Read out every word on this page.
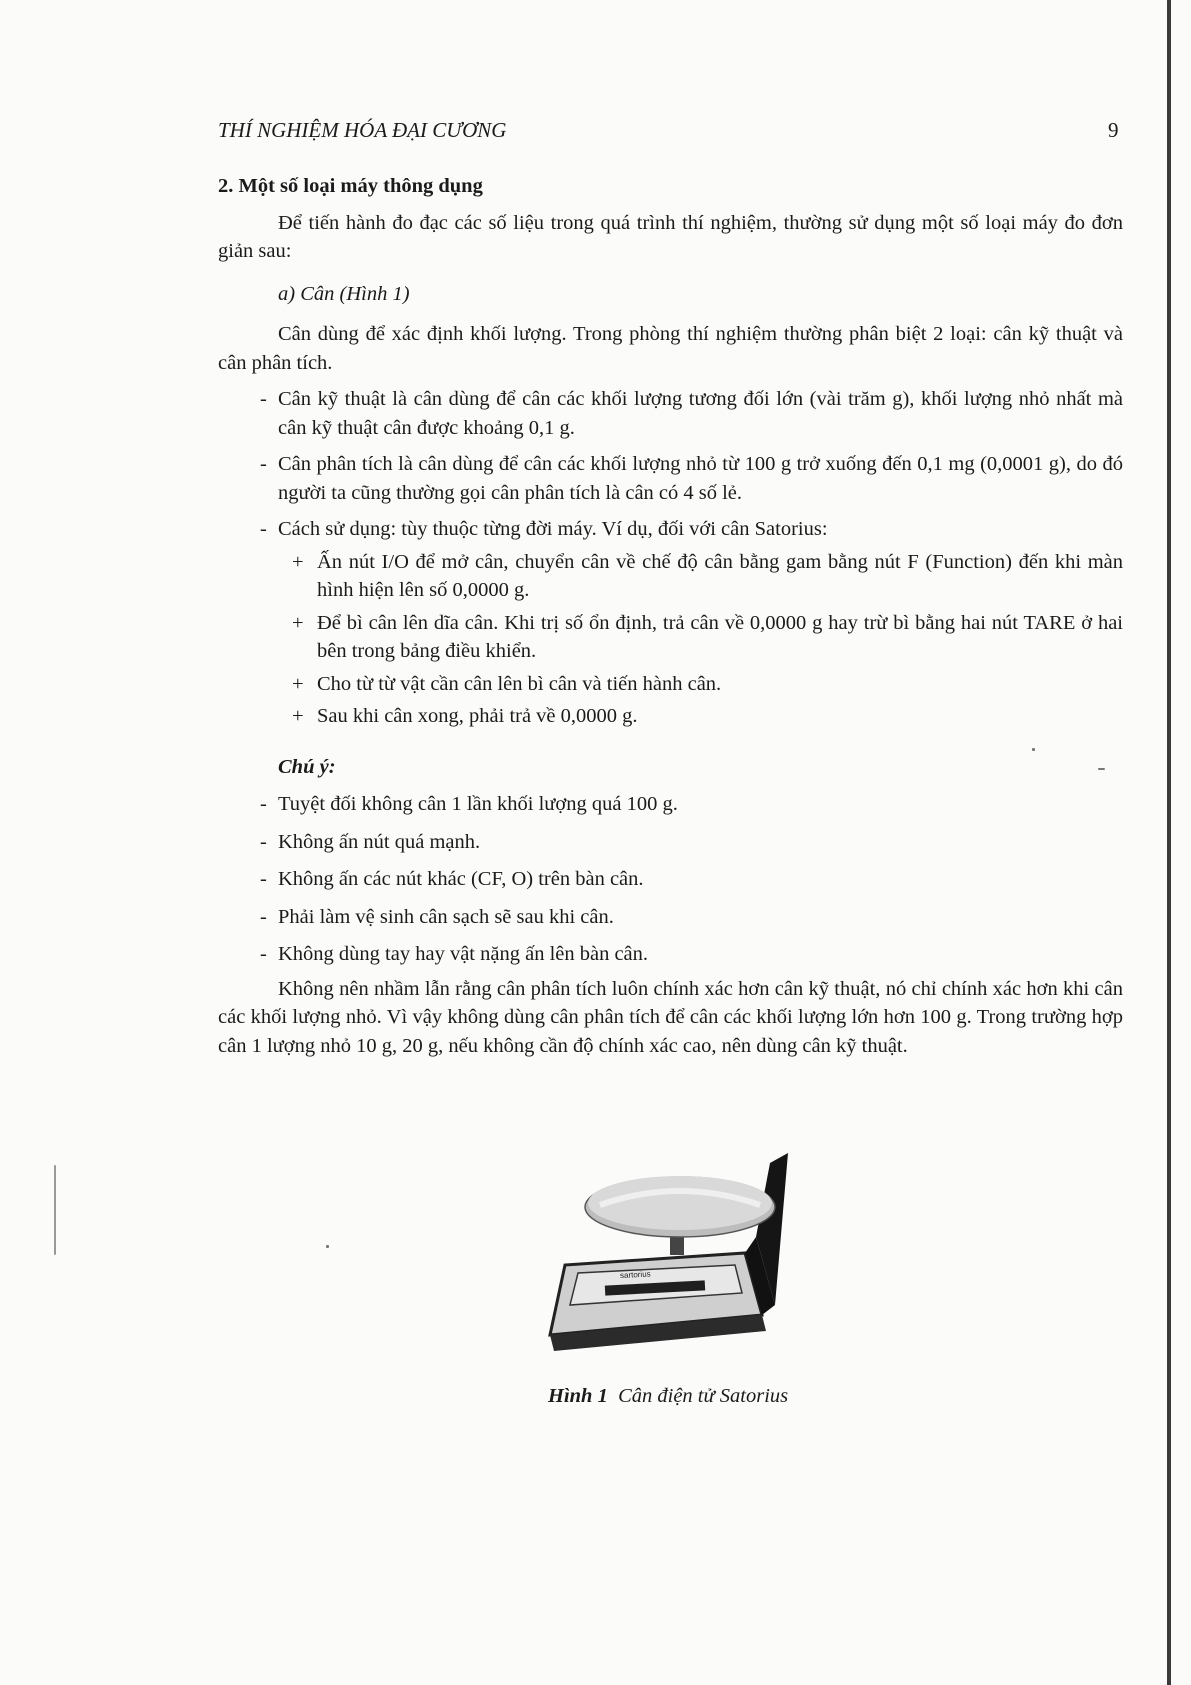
THÍ NGHIỆM HÓA ĐẠI CƯƠNG	9

2. Một số loại máy thông dụng

Để tiến hành đo đạc các số liệu trong quá trình thí nghiệm, thường sử dụng một số loại máy đo đơn giản sau:

a) Cân (Hình 1)

Cân dùng để xác định khối lượng. Trong phòng thí nghiệm thường phân biệt 2 loại: cân kỹ thuật và cân phân tích.

- Cân kỹ thuật là cân dùng để cân các khối lượng tương đối lớn (vài trăm g), khối lượng nhỏ nhất mà cân kỹ thuật cân được khoảng 0,1 g.

- Cân phân tích là cân dùng để cân các khối lượng nhỏ từ 100 g trở xuống đến 0,1 mg (0,0001 g), do đó người ta cũng thường gọi cân phân tích là cân có 4 số lẻ.

- Cách sử dụng: tùy thuộc từng đời máy. Ví dụ, đối với cân Satorius:

+ Ấn nút I/O để mở cân, chuyển cân về chế độ cân bằng gam bằng nút F (Function) đến khi màn hình hiện lên số 0,0000 g.

+ Để bì cân lên dĩa cân. Khi trị số ổn định, trả cân về 0,0000 g hay trừ bì bằng hai nút TARE ở hai bên trong bảng điều khiển.

+ Cho từ từ vật cần cân lên bì cân và tiến hành cân.

+ Sau khi cân xong, phải trả về 0,0000 g.

Chú ý:

- Tuyệt đối không cân 1 lần khối lượng quá 100 g.

- Không ấn nút quá mạnh.

- Không ấn các nút khác (CF, O) trên bàn cân.

- Phải làm vệ sinh cân sạch sẽ sau khi cân.

- Không dùng tay hay vật nặng ấn lên bàn cân.

Không nên nhầm lẫn rằng cân phân tích luôn chính xác hơn cân kỹ thuật, nó chỉ chính xác hơn khi cân các khối lượng nhỏ. Vì vậy không dùng cân phân tích để cân các khối lượng lớn hơn 100 g. Trong trường hợp cân 1 lượng nhỏ 10 g, 20 g, nếu không cần độ chính xác cao, nên dùng cân kỹ thuật.

sartorius
Hình 1 Cân điện tử Satorius
